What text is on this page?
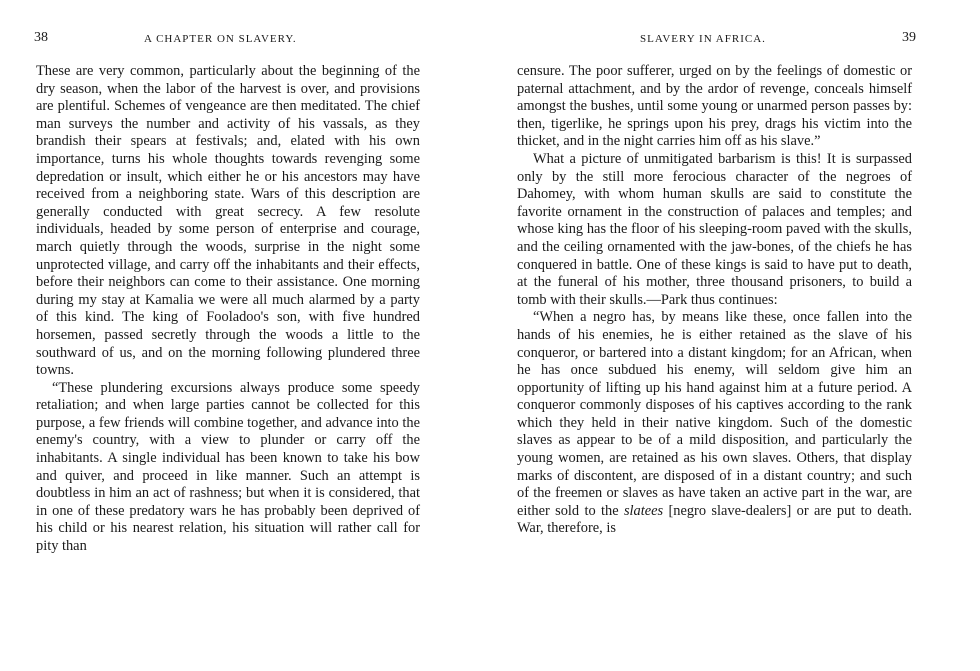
38	A CHAPTER ON SLAVERY.

These are very common, particularly about the beginning of the dry season, when the labor of the harvest is over, and provisions are plentiful. Schemes of vengeance are then meditated. The chief man surveys the number and activity of his vassals, as they brandish their spears at festivals; and, elated with his own importance, turns his whole thoughts towards revenging some depredation or insult, which either he or his ancestors may have received from a neighboring state. Wars of this description are generally conducted with great secrecy. A few resolute individuals, headed by some person of enterprise and courage, march quietly through the woods, surprise in the night some unprotected village, and carry off the inhabitants and their effects, before their neighbors can come to their assistance. One morning during my stay at Kamalia we were all much alarmed by a party of this kind. The king of Fooladoo's son, with five hundred horsemen, passed secretly through the woods a little to the southward of us, and on the morning following plundered three towns.

“These plundering excursions always produce some speedy retaliation; and when large parties cannot be collected for this purpose, a few friends will combine together, and advance into the enemy's country, with a view to plunder or carry off the inhabitants. A single individual has been known to take his bow and quiver, and proceed in like manner. Such an attempt is doubtless in him an act of rashness; but when it is considered, that in one of these predatory wars he has probably been deprived of his child or his nearest relation, his situation will rather call for pity than

SLAVERY IN AFRICA.	39

censure. The poor sufferer, urged on by the feelings of domestic or paternal attachment, and by the ardor of revenge, conceals himself amongst the bushes, until some young or unarmed person passes by: then, tigerlike, he springs upon his prey, drags his victim into the thicket, and in the night carries him off as his slave.”

What a picture of unmitigated barbarism is this! It is surpassed only by the still more ferocious character of the negroes of Dahomey, with whom human skulls are said to constitute the favorite ornament in the construction of palaces and temples; and whose king has the floor of his sleeping-room paved with the skulls, and the ceiling ornamented with the jaw-bones, of the chiefs he has conquered in battle. One of these kings is said to have put to death, at the funeral of his mother, three thousand prisoners, to build a tomb with their skulls.—Park thus continues:

“When a negro has, by means like these, once fallen into the hands of his enemies, he is either retained as the slave of his conqueror, or bartered into a distant kingdom; for an African, when he has once subdued his enemy, will seldom give him an opportunity of lifting up his hand against him at a future period. A conqueror commonly disposes of his captives according to the rank which they held in their native kingdom. Such of the domestic slaves as appear to be of a mild disposition, and particularly the young women, are retained as his own slaves. Others, that display marks of discontent, are disposed of in a distant country; and such of the freemen or slaves as have taken an active part in the war, are either sold to the slatees [negro slave-dealers] or are put to death. War, therefore, is
